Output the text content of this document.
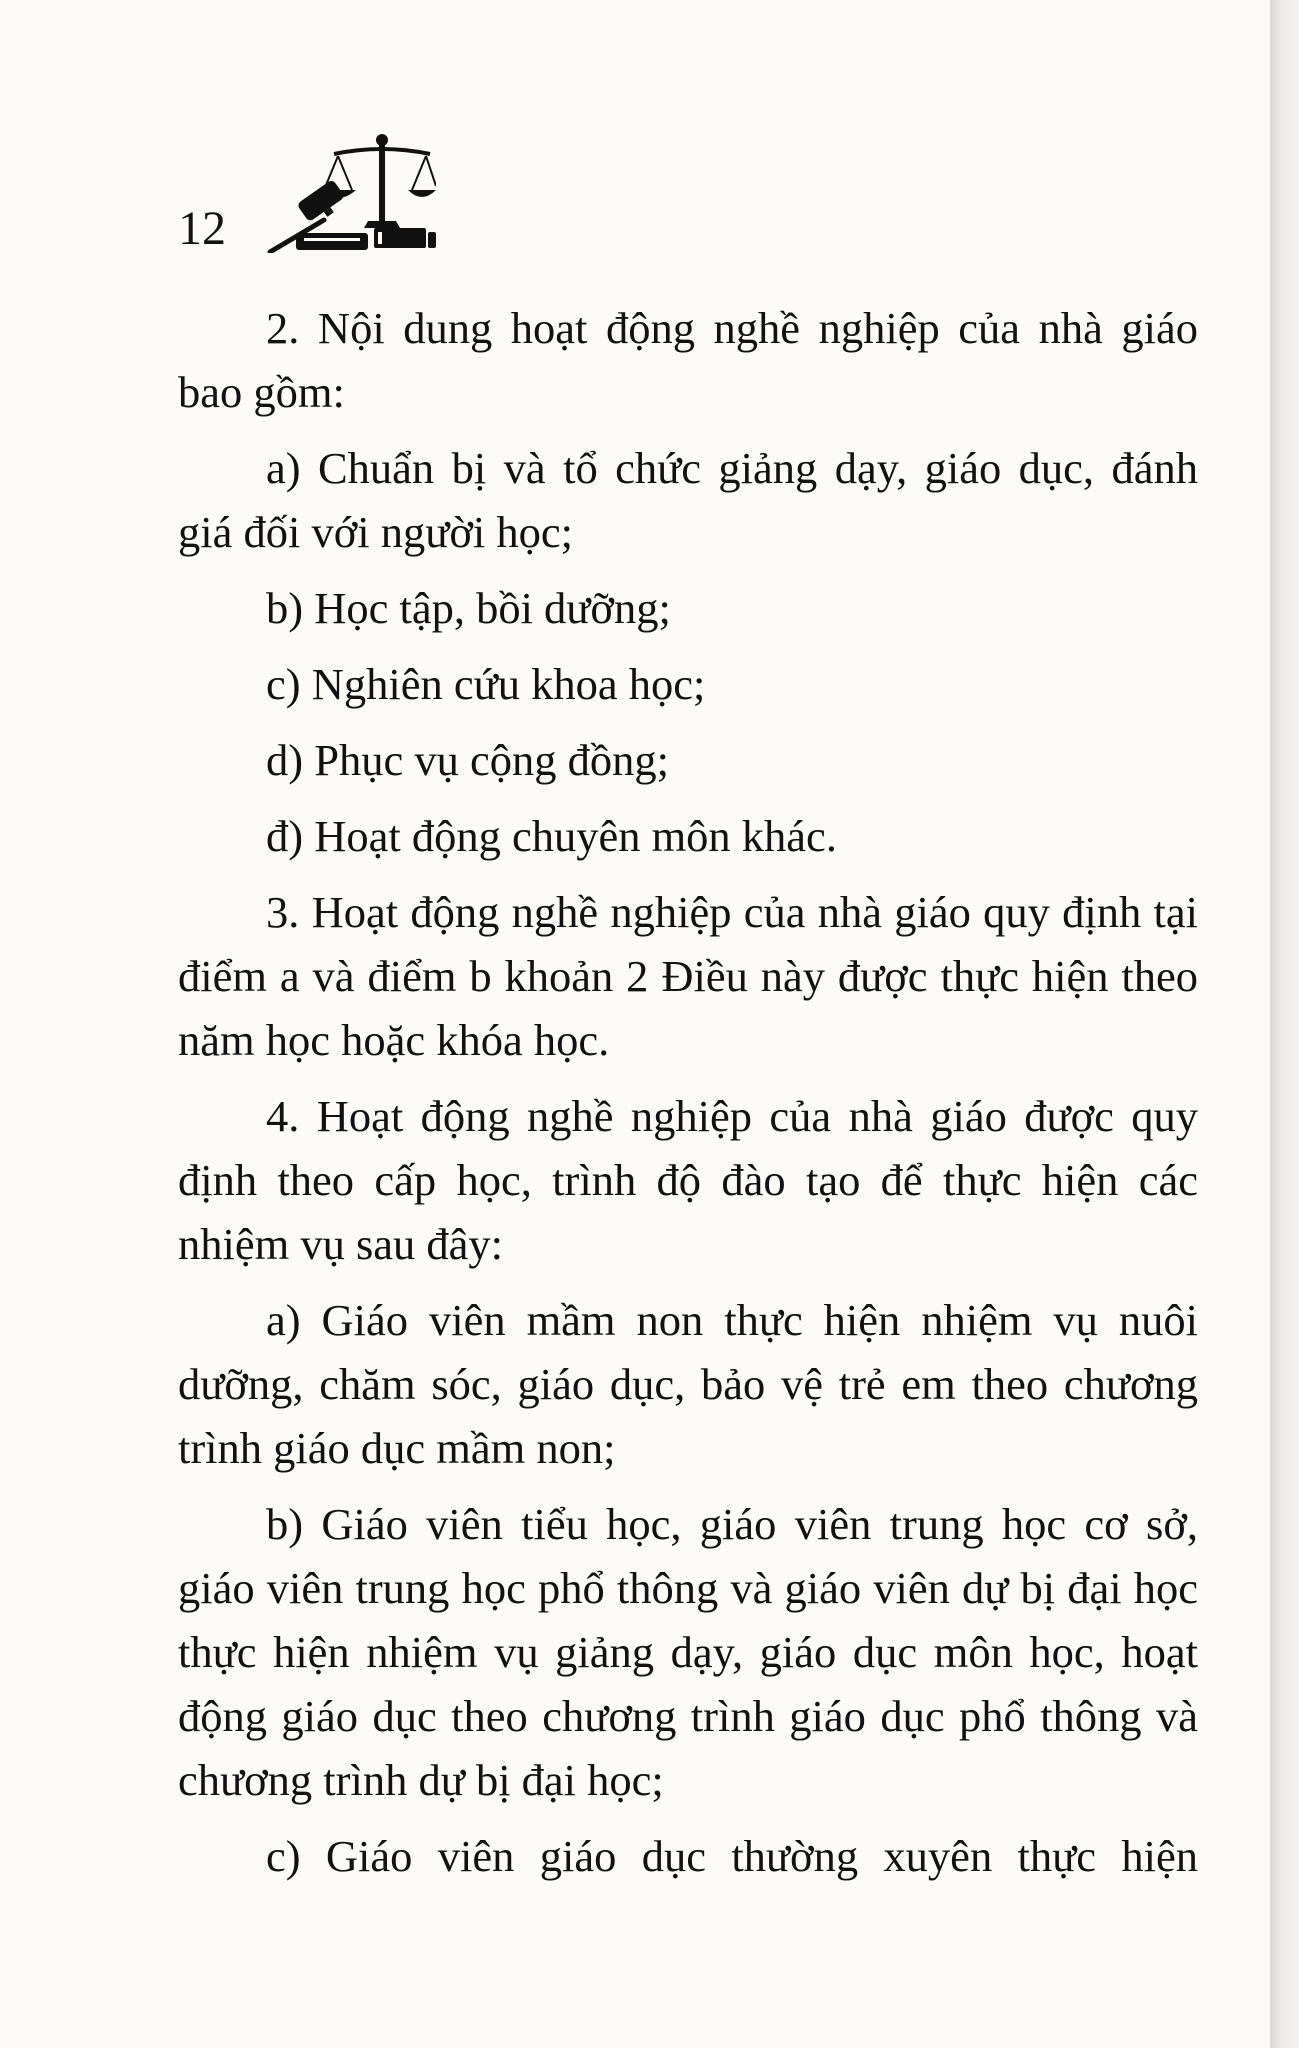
12

2. Nội dung hoạt động nghề nghiệp của nhà giáo bao gồm:

a) Chuẩn bị và tổ chức giảng dạy, giáo dục, đánh giá đối với người học;

b) Học tập, bồi dưỡng;

c) Nghiên cứu khoa học;

d) Phục vụ cộng đồng;

đ) Hoạt động chuyên môn khác.

3. Hoạt động nghề nghiệp của nhà giáo quy định tại điểm a và điểm b khoản 2 Điều này được thực hiện theo năm học hoặc khóa học.

4. Hoạt động nghề nghiệp của nhà giáo được quy định theo cấp học, trình độ đào tạo để thực hiện các nhiệm vụ sau đây:

a) Giáo viên mầm non thực hiện nhiệm vụ nuôi dưỡng, chăm sóc, giáo dục, bảo vệ trẻ em theo chương trình giáo dục mầm non;

b) Giáo viên tiểu học, giáo viên trung học cơ sở, giáo viên trung học phổ thông và giáo viên dự bị đại học thực hiện nhiệm vụ giảng dạy, giáo dục môn học, hoạt động giáo dục theo chương trình giáo dục phổ thông và chương trình dự bị đại học;

c) Giáo viên giáo dục thường xuyên thực hiện
